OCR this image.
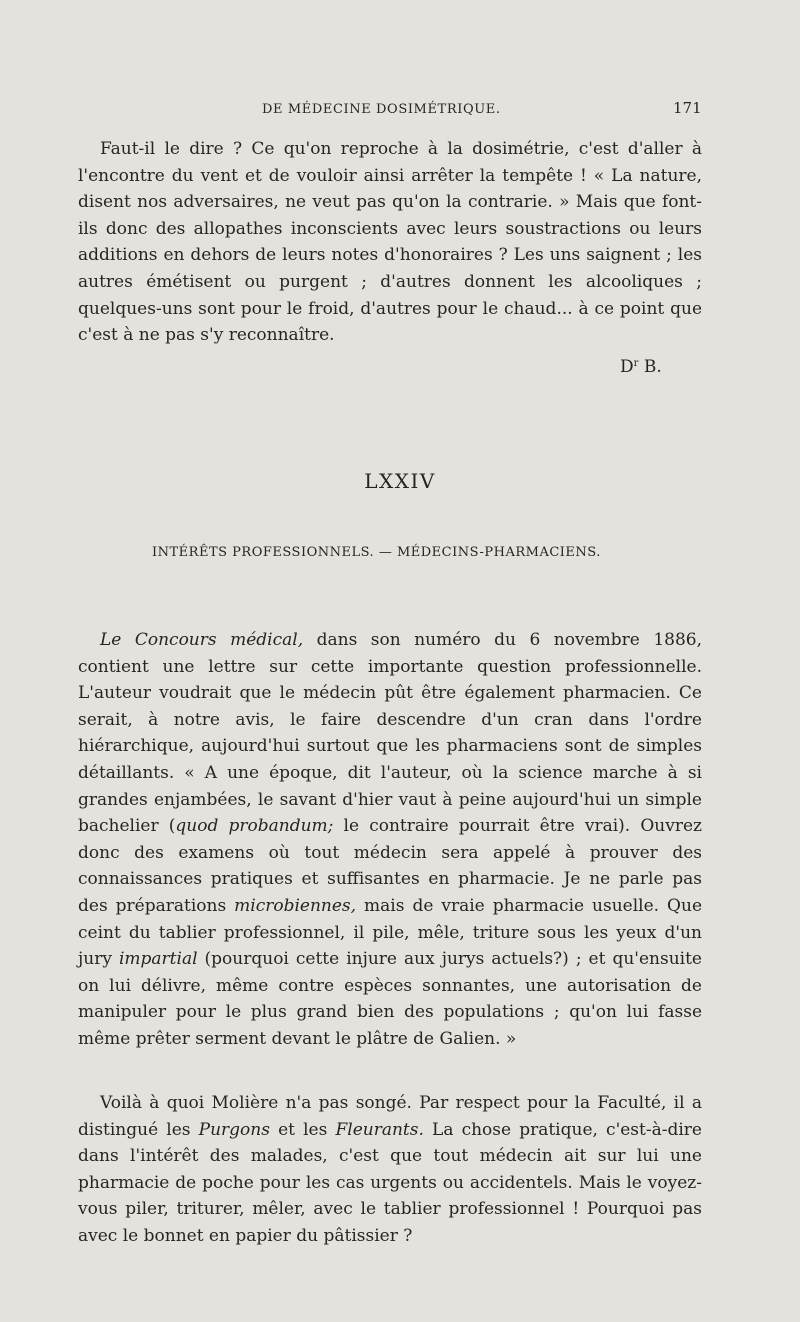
DE MÉDECINE DOSIMÉTRIQUE.	171

Faut-il le dire ? Ce qu'on reproche à la dosimétrie, c'est d'aller à l'encontre du vent et de vouloir ainsi arrêter la tempête ! « La nature, disent nos adversaires, ne veut pas qu'on la contrarie. » Mais que font-ils donc des allopathes inconscients avec leurs soustractions ou leurs additions en dehors de leurs notes d'honoraires ? Les uns saignent ; les autres émétisent ou purgent ; d'autres donnent les alcooliques ; quelques-uns sont pour le froid, d'autres pour le chaud... à ce point que c'est à ne pas s'y reconnaître.

$D^r$ B.
LXXIV
INTÉRÊTS PROFESSIONNELS. — MÉDECINS-PHARMACIENS.

Le Concours médical, dans son numéro du 6 novembre 1886, contient une lettre sur cette importante question professionnelle. L'auteur voudrait que le médecin pût être également pharmacien. Ce serait, à notre avis, le faire descendre d'un cran dans l'ordre hiérarchique, aujourd'hui surtout que les pharmaciens sont de simples détaillants. « A une époque, dit l'auteur, où la science marche à si grandes enjambées, le savant d'hier vaut à peine aujourd'hui un simple bachelier (quod probandum; le contraire pourrait être vrai). Ouvrez donc des examens où tout médecin sera appelé à prouver des connaissances pratiques et suffisantes en pharmacie. Je ne parle pas des préparations microbiennes, mais de vraie pharmacie usuelle. Que ceint du tablier professionnel, il pile, mêle, triture sous les yeux d'un jury impartial (pourquoi cette injure aux jurys actuels?) ; et qu'ensuite on lui délivre, même contre espèces sonnantes, une autorisation de manipuler pour le plus grand bien des populations ; qu'on lui fasse même prêter serment devant le plâtre de Galien. »

Voilà à quoi Molière n'a pas songé. Par respect pour la Faculté, il a distingué les Purgons et les Fleurants. La chose pratique, c'est-à-dire dans l'intérêt des malades, c'est que tout médecin ait sur lui une pharmacie de poche pour les cas urgents ou accidentels. Mais le voyez-vous piler, triturer, mêler, avec le tablier professionnel ! Pourquoi pas avec le bonnet en papier du pâtissier ?
